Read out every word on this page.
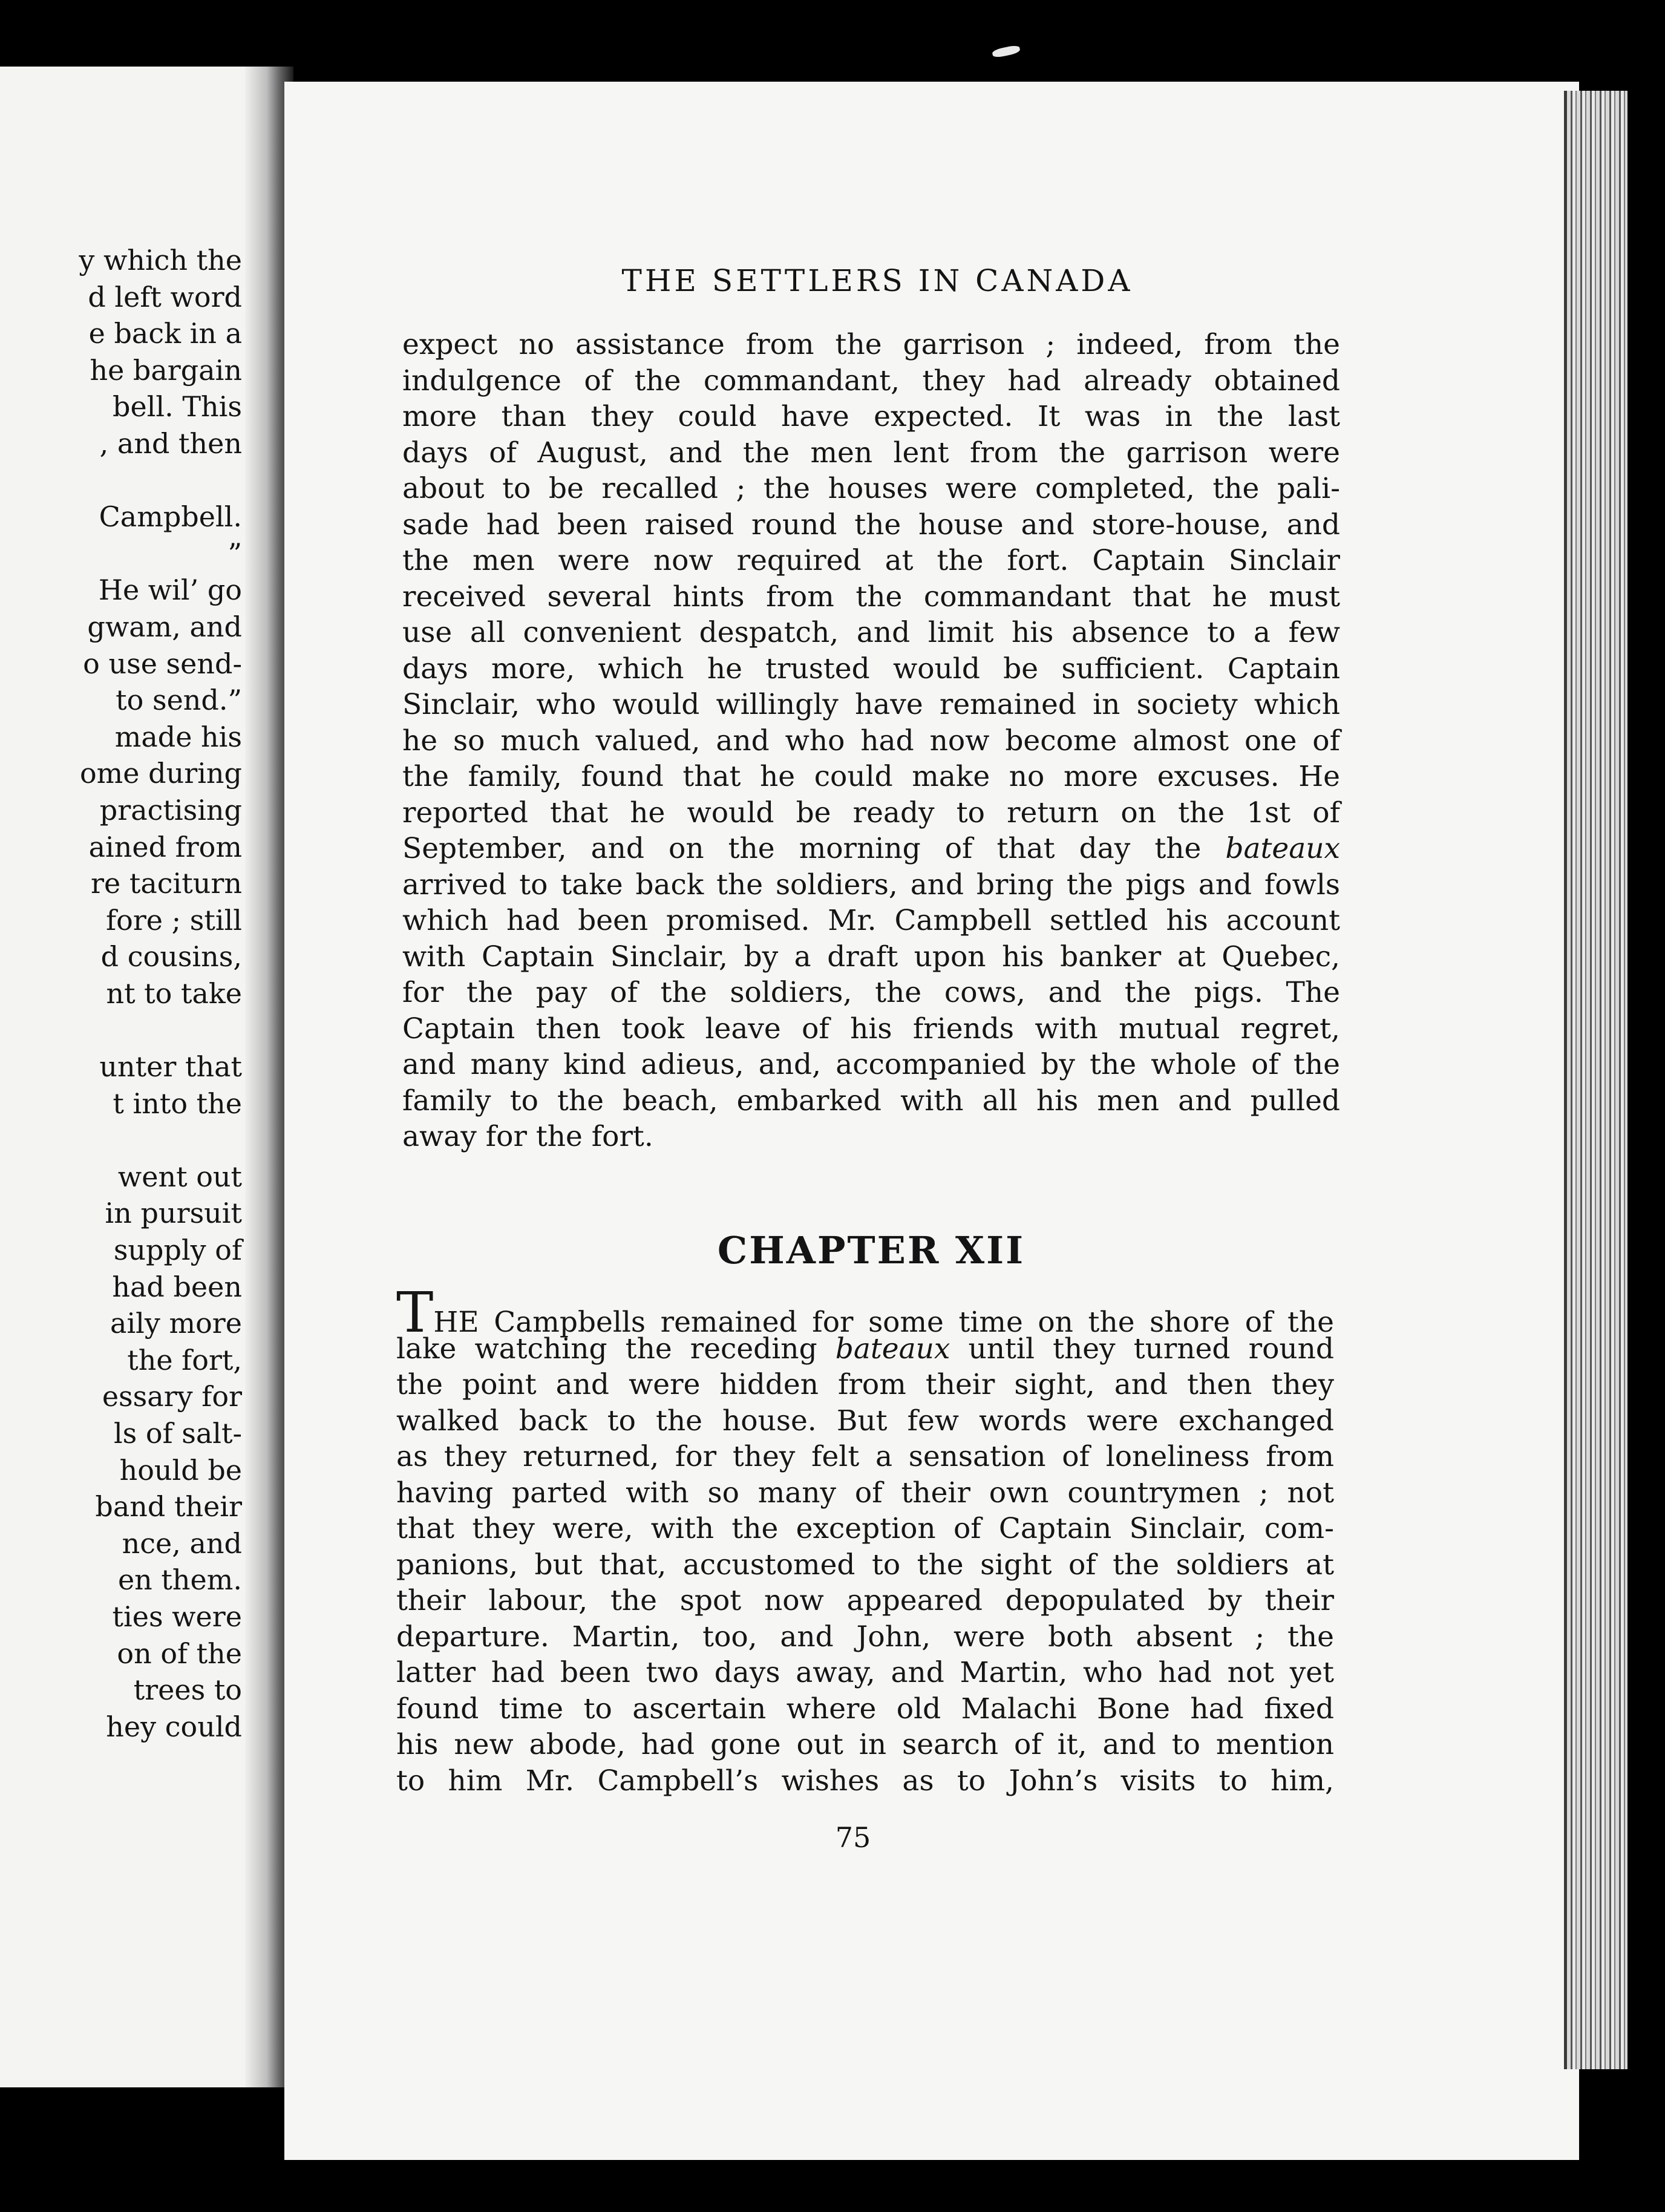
y which the
d left word
e back in a
he bargain
bell. This
, and then
Campbell.
”
He wil’ go
gwam, and
o use send-
to send.”
made his
ome during
practising
ained from
re taciturn
fore ; still
d cousins,
nt to take
unter that
t into the
went out
in pursuit
supply of
had been
aily more
the fort,
essary for
ls of salt-
hould be
band their
nce, and
en them.
ties were
on of the
trees to
hey could
THE SETTLERS IN CANADA
expect no assistance from the garrison ; indeed, from the
indulgence of the commandant, they had already obtained
more than they could have expected. It was in the last
days of August, and the men lent from the garrison were
about to be recalled ; the houses were completed, the pali-
sade had been raised round the house and store-house, and
the men were now required at the fort. Captain Sinclair
received several hints from the commandant that he must
use all convenient despatch, and limit his absence to a few
days more, which he trusted would be sufficient. Captain
Sinclair, who would willingly have remained in society which
he so much valued, and who had now become almost one of
the family, found that he could make no more excuses. He
reported that he would be ready to return on the 1st of
September, and on the morning of that day the bateaux
arrived to take back the soldiers, and bring the pigs and fowls
which had been promised. Mr. Campbell settled his account
with Captain Sinclair, by a draft upon his banker at Quebec,
for the pay of the soldiers, the cows, and the pigs. The
Captain then took leave of his friends with mutual regret,
and many kind adieus, and, accompanied by the whole of the
family to the beach, embarked with all his men and pulled
away for the fort.
CHAPTER XII
THE Campbells remained for some time on the shore of the
lake watching the receding bateaux until they turned round
the point and were hidden from their sight, and then they
walked back to the house. But few words were exchanged
as they returned, for they felt a sensation of loneliness from
having parted with so many of their own countrymen ; not
that they were, with the exception of Captain Sinclair, com-
panions, but that, accustomed to the sight of the soldiers at
their labour, the spot now appeared depopulated by their
departure. Martin, too, and John, were both absent ; the
latter had been two days away, and Martin, who had not yet
found time to ascertain where old Malachi Bone had fixed
his new abode, had gone out in search of it, and to mention
to him Mr. Campbell’s wishes as to John’s visits to him,
75
